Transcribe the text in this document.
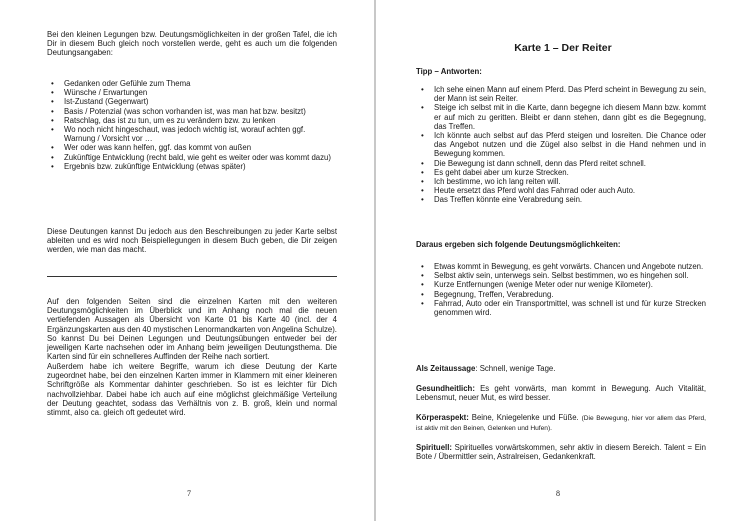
Bei den kleinen Legungen bzw. Deutungsmöglichkeiten in der großen Tafel, die ich Dir in diesem Buch gleich noch vorstellen werde, geht es auch um die folgenden Deutungsangaben:

• Gedanken oder Gefühle zum Thema
• Wünsche / Erwartungen
• Ist-Zustand (Gegenwart)
• Basis / Potenzial (was schon vorhanden ist, was man hat bzw. besitzt)
• Ratschlag, das ist zu tun, um es zu verändern bzw. zu lenken
• Wo noch nicht hingeschaut, was jedoch wichtig ist, worauf achten ggf. Warnung / Vorsicht vor …
• Wer oder was kann helfen, ggf. das kommt von außen
• Zukünftige Entwicklung (recht bald, wie geht es weiter oder was kommt dazu)
• Ergebnis bzw. zukünftige Entwicklung (etwas später)

Diese Deutungen kannst Du jedoch aus den Beschreibungen zu jeder Karte selbst ableiten und es wird noch Beispiellegungen in diesem Buch geben, die Dir zeigen werden, wie man das macht.

Auf den folgenden Seiten sind die einzelnen Karten mit den weiteren Deutungsmöglichkeiten im Überblick und im Anhang noch mal die neuen vertiefenden Aussagen als Übersicht von Karte 01 bis Karte 40 (incl. der 4 Ergänzungskarten aus den 40 mystischen Lenormandkarten von Angelina Schulze).

So kannst Du bei Deinen Legungen und Deutungsübungen entweder bei der jeweiligen Karte nachsehen oder im Anhang beim jeweiligen Deutungsthema. Die Karten sind für ein schnelleres Auffinden der Reihe nach sortiert.

Außerdem habe ich weitere Begriffe, warum ich diese Deutung der Karte zugeordnet habe, bei den einzelnen Karten immer in Klammern mit einer kleineren Schriftgröße als Kommentar dahinter geschrieben. So ist es leichter für Dich nachvollziehbar. Dabei habe ich auch auf eine möglichst gleichmäßige Verteilung der Deutung geachtet, sodass das Verhältnis von z. B. groß, klein und normal stimmt, also ca. gleich oft gedeutet wird.

7
Karte 1 – Der Reiter
Tipp – Antworten:
• Ich sehe einen Mann auf einem Pferd. Das Pferd scheint in Bewegung zu sein, der Mann ist sein Reiter.
• Steige ich selbst mit in die Karte, dann begegne ich diesem Mann bzw. kommt er auf mich zu geritten. Bleibt er dann stehen, dann gibt es die Begegnung, das Treffen.
• Ich könnte auch selbst auf das Pferd steigen und losreiten. Die Chance oder das Angebot nutzen und die Zügel also selbst in die Hand nehmen und in Bewegung kommen.
• Die Bewegung ist dann schnell, denn das Pferd reitet schnell.
• Es geht dabei aber um kurze Strecken.
• Ich bestimme, wo ich lang reiten will.
• Heute ersetzt das Pferd wohl das Fahrrad oder auch Auto.
• Das Treffen könnte eine Verabredung sein.
Daraus ergeben sich folgende Deutungsmöglichkeiten:
• Etwas kommt in Bewegung, es geht vorwärts. Chancen und Angebote nutzen.
• Selbst aktiv sein, unterwegs sein. Selbst bestimmen, wo es hingehen soll.
• Kurze Entfernungen (wenige Meter oder nur wenige Kilometer).
• Begegnung, Treffen, Verabredung.
• Fahrrad, Auto oder ein Transportmittel, was schnell ist und für kurze Strecken genommen wird.

Als Zeitaussage: Schnell, wenige Tage.

Gesundheitlich: Es geht vorwärts, man kommt in Bewegung. Auch Vitalität, Lebensmut, neuer Mut, es wird besser.

Körperaspekt: Beine, Kniegelenke und Füße. (Die Bewegung, hier vor allem das Pferd, ist aktiv mit den Beinen, Gelenken und Hufen).

Spirituell: Spirituelles vorwärtskommen, sehr aktiv in diesem Bereich. Talent = Ein Bote / Übermittler sein, Astralreisen, Gedankenkraft.

8
